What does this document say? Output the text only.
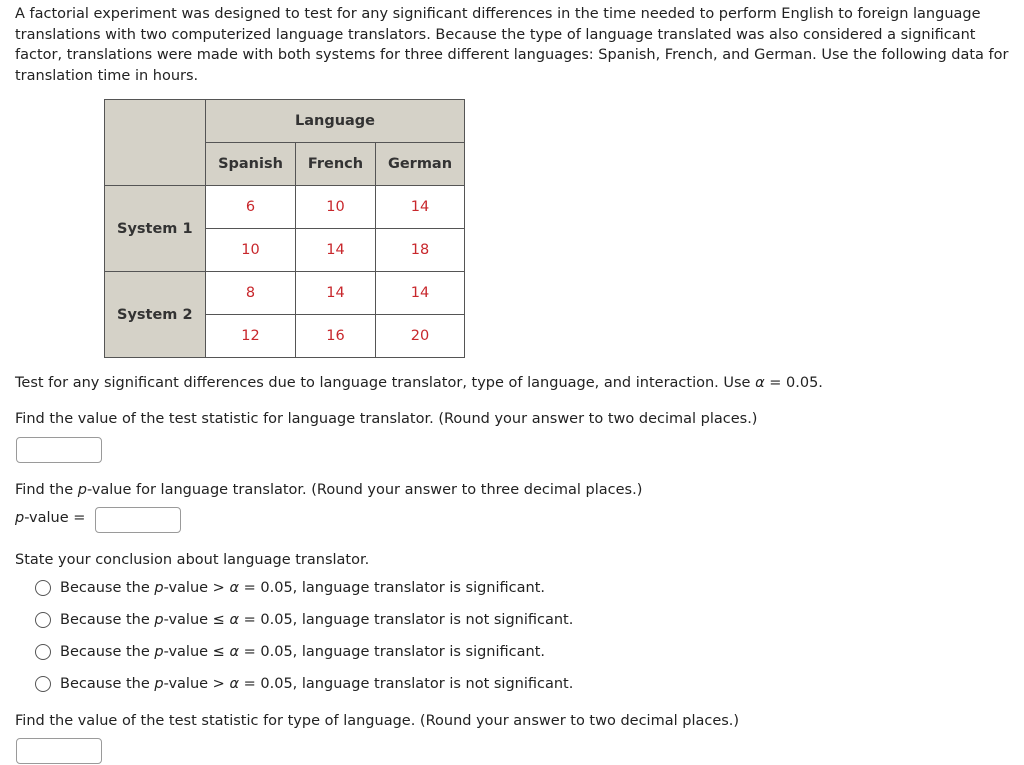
A factorial experiment was designed to test for any significant differences in the time needed to perform English to foreign language translations with two computerized language translators. Because the type of language translated was also considered a significant factor, translations were made with both systems for three different languages: Spanish, French, and German. Use the following data for translation time in hours.

	Language		
	Spanish	French	German
System 1	6	10	14
	10	14	18
System 2	8	14	14
	12	16	20

Test for any significant differences due to language translator, type of language, and interaction. Use α = 0.05.

Find the value of the test statistic for language translator. (Round your answer to two decimal places.)

Find the p-value for language translator. (Round your answer to three decimal places.)

p-value =

State your conclusion about language translator.

Because the p-value > α = 0.05, language translator is significant.
Because the p-value ≤ α = 0.05, language translator is not significant.
Because the p-value ≤ α = 0.05, language translator is significant.
Because the p-value > α = 0.05, language translator is not significant.

Find the value of the test statistic for type of language. (Round your answer to two decimal places.)
